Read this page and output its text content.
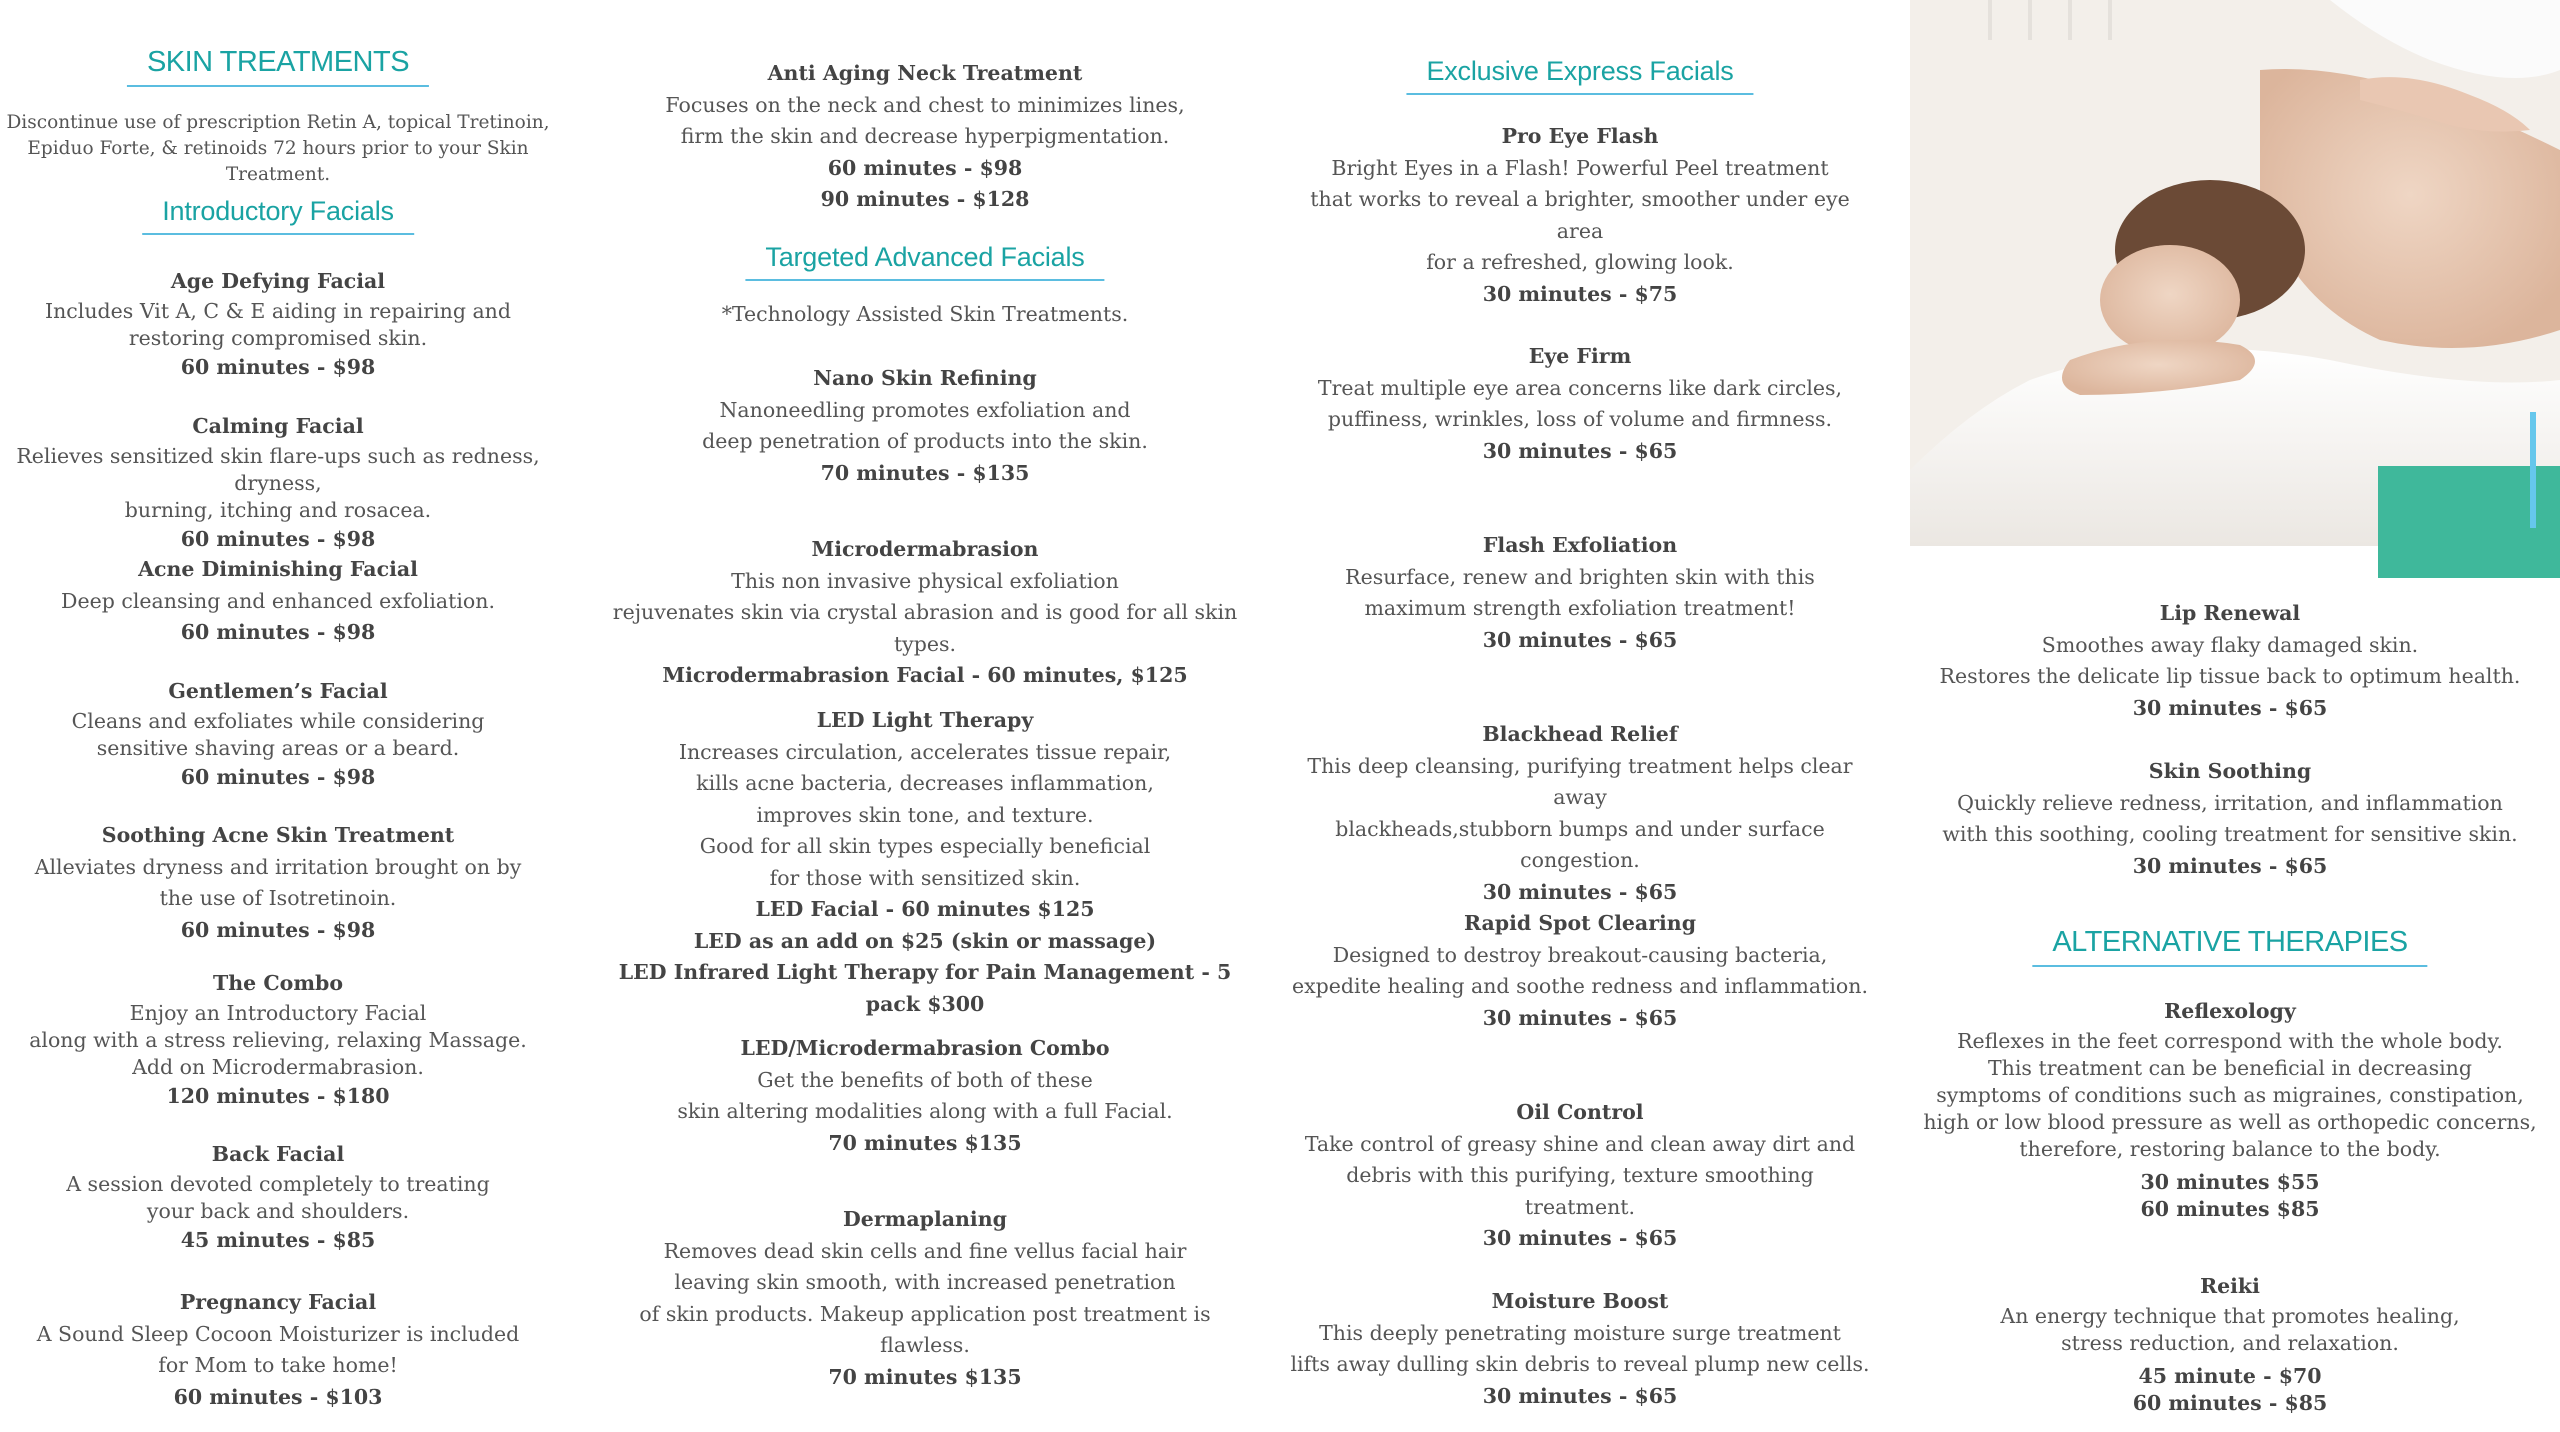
SKIN TREATMENTS
Discontinue use of prescription Retin A, topical Tretinoin,
Epiduo Forte, & retinoids 72 hours prior to your Skin Treatment.
Introductory Facials
Age Defying Facial
Includes Vit A, C & E aiding in repairing and
restoring compromised skin.
60 minutes - $98
Calming Facial
Relieves sensitized skin flare-ups such as redness, dryness,
burning, itching and rosacea.
60 minutes - $98
Acne Diminishing Facial
Deep cleansing and enhanced exfoliation.
60 minutes - $98
Gentlemen’s Facial
Cleans and exfoliates while considering
sensitive shaving areas or a beard.
60 minutes - $98
Soothing Acne Skin Treatment
Alleviates dryness and irritation brought on by
the use of Isotretinoin.
60 minutes - $98
The Combo
Enjoy an Introductory Facial
along with a stress relieving, relaxing Massage.
Add on Microdermabrasion.
120 minutes - $180
Back Facial
A session devoted completely to treating
your back and shoulders.
45 minutes - $85
Pregnancy Facial
A Sound Sleep Cocoon Moisturizer is included
for Mom to take home!
60 minutes - $103
Anti Aging Neck Treatment
Focuses on the neck and chest to minimizes lines,
firm the skin and decrease hyperpigmentation.
60 minutes - $98
90 minutes - $128
Targeted Advanced Facials
*Technology Assisted Skin Treatments.
Nano Skin Refining
Nanoneedling promotes exfoliation and
deep penetration of products into the skin.
70 minutes - $135
Microdermabrasion
This non invasive physical exfoliation
rejuvenates skin via crystal abrasion and is good for all skin types.
Microdermabrasion Facial - 60 minutes, $125
LED Light Therapy
Increases circulation, accelerates tissue repair,
kills acne bacteria, decreases inflammation,
improves skin tone, and texture.
Good for all skin types especially beneficial
for those with sensitized skin.
LED Facial - 60 minutes $125
LED as an add on $25 (skin or massage)
LED Infrared Light Therapy for Pain Management - 5 pack $300
LED/Microdermabrasion Combo
Get the benefits of both of these
skin altering modalities along with a full Facial.
70 minutes $135
Dermaplaning
Removes dead skin cells and fine vellus facial hair
leaving skin smooth, with increased penetration
of skin products. Makeup application post treatment is flawless.
70 minutes $135
Exclusive Express Facials
Pro Eye Flash
Bright Eyes in a Flash! Powerful Peel treatment
that works to reveal a brighter, smoother under eye area
for a refreshed, glowing look.
30 minutes - $75
Eye Firm
Treat multiple eye area concerns like dark circles,
puffiness, wrinkles, loss of volume and firmness.
30 minutes - $65
Flash Exfoliation
Resurface, renew and brighten skin with this
maximum strength exfoliation treatment!
30 minutes - $65
Blackhead Relief
This deep cleansing, purifying treatment helps clear away
blackheads,stubborn bumps and under surface congestion.
30 minutes - $65
Rapid Spot Clearing
Designed to destroy breakout-causing bacteria,
expedite healing and soothe redness and inflammation.
30 minutes - $65
Oil Control
Take control of greasy shine and clean away dirt and
debris with this purifying, texture smoothing treatment.
30 minutes - $65
Moisture Boost
This deeply penetrating moisture surge treatment
lifts away dulling skin debris to reveal plump new cells.
30 minutes - $65
Lip Renewal
Smoothes away flaky damaged skin.
Restores the delicate lip tissue back to optimum health.
30 minutes - $65
Skin Soothing
Quickly relieve redness, irritation, and inflammation
with this soothing, cooling treatment for sensitive skin.
30 minutes - $65
ALTERNATIVE THERAPIES
Reflexology
Reflexes in the feet correspond with the whole body.
This treatment can be beneficial in decreasing
symptoms of conditions such as migraines, constipation,
high or low blood pressure as well as orthopedic concerns,
therefore, restoring balance to the body.
30 minutes $55
60 minutes $85
Reiki
An energy technique that promotes healing,
stress reduction, and relaxation.
45 minute - $70
60 minutes - $85
